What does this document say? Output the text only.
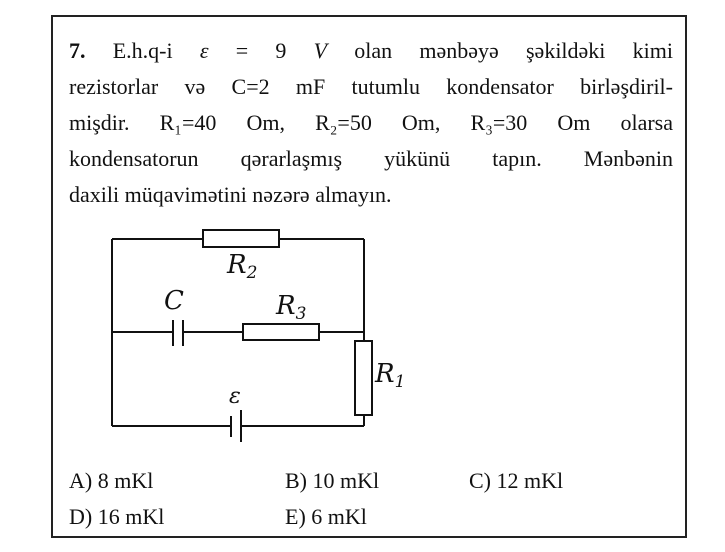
7. E.h.q-i ε = 9 V olan mənbəyə şəkildəki kimi
rezistorlar və C=2 mF tutumlu kondensator birləşdiril-
mişdir. R₁=40 Om, R₂=50 Om, R₃=30 Om olarsa
kondensatorun qərarlaşmış yükünü tapın. Mənbənin
daxili müqavimətini nəzərə almayın.
R2
C	R3
R1
ε
A) 8 mKl	B) 10 mKl	C) 12 mKl
D) 16 mKl	E) 6 mKl
